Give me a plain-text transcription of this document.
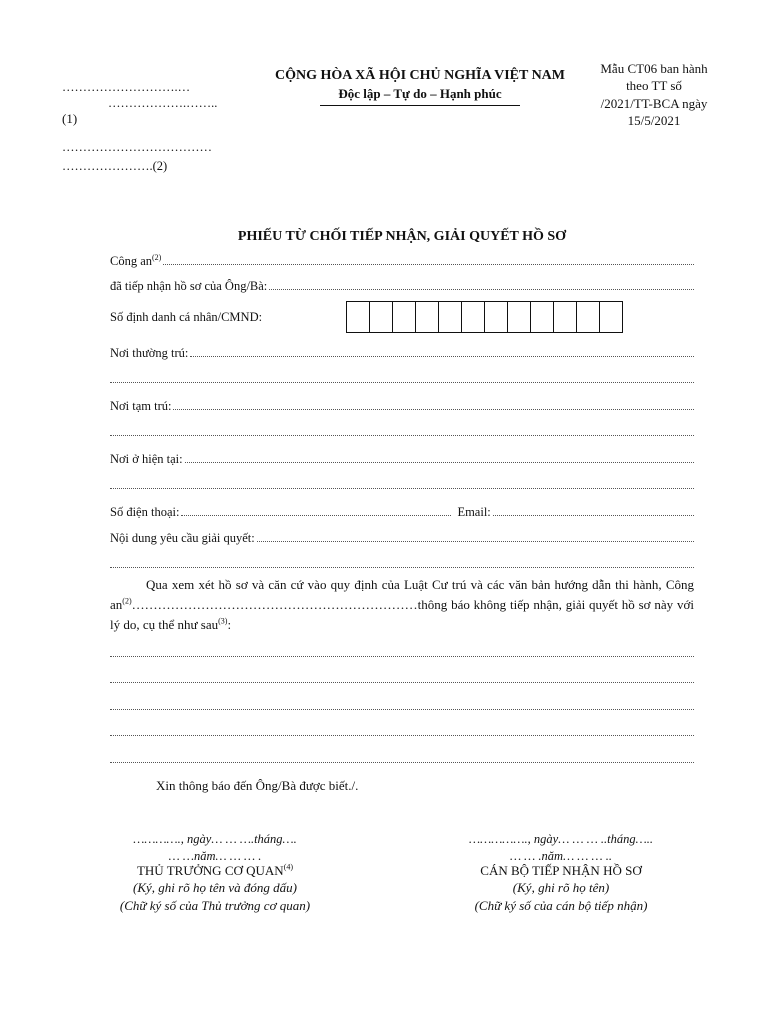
……………………….…
……………….……..
(1)
………………………………
………………….(2)
CỘNG HÒA XÃ HỘI CHỦ NGHĨA VIỆT NAM
Độc lập – Tự do – Hạnh phúc
Mẫu CT06 ban hành
theo TT số
/2021/TT-BCA ngày
15/5/2021
PHIẾU TỪ CHỐI TIẾP NHẬN, GIẢI QUYẾT HỒ SƠ
Công $an^{(2)}$
đã tiếp nhận hồ sơ của Ông/Bà:
Số định danh cá nhân/CMND:
Nơi thường trú:
Nơi tạm trú:
Nơi ở hiện tại:
Số điện thoại:	Email:
Nội dung yêu cầu giải quyết:
Qua xem xét hồ sơ và căn cứ vào quy định của Luật Cư trú và các văn bản hướng dẫn thi hành, Công $an^{(2)}\dots\dots\dots\dots\dots\dots\dots\dots\dots\dots\dots\dots\dots\dots\dots\dots\dots\dots\dots\dots\dots\dots thông$ báo không tiếp nhận, giải quyết hồ sơ này với lý do, cụ thể như sau$^{(3)}$:
Xin thông báo đến Ông/Bà được biết./.
…………., ngày… … ….tháng….
… …năm… … … .
THỦ TRƯỞNG CƠ QUAN$^{(4)}$
(Ký, ghi rõ họ tên và đóng dấu)
(Chữ ký số của Thủ trưởng cơ quan)
……………., ngày… … … ..tháng…..
… … .năm… … … ..
CÁN BỘ TIẾP NHẬN HỒ SƠ
(Ký, ghi rõ họ tên)
(Chữ ký số của cán bộ tiếp nhận)
